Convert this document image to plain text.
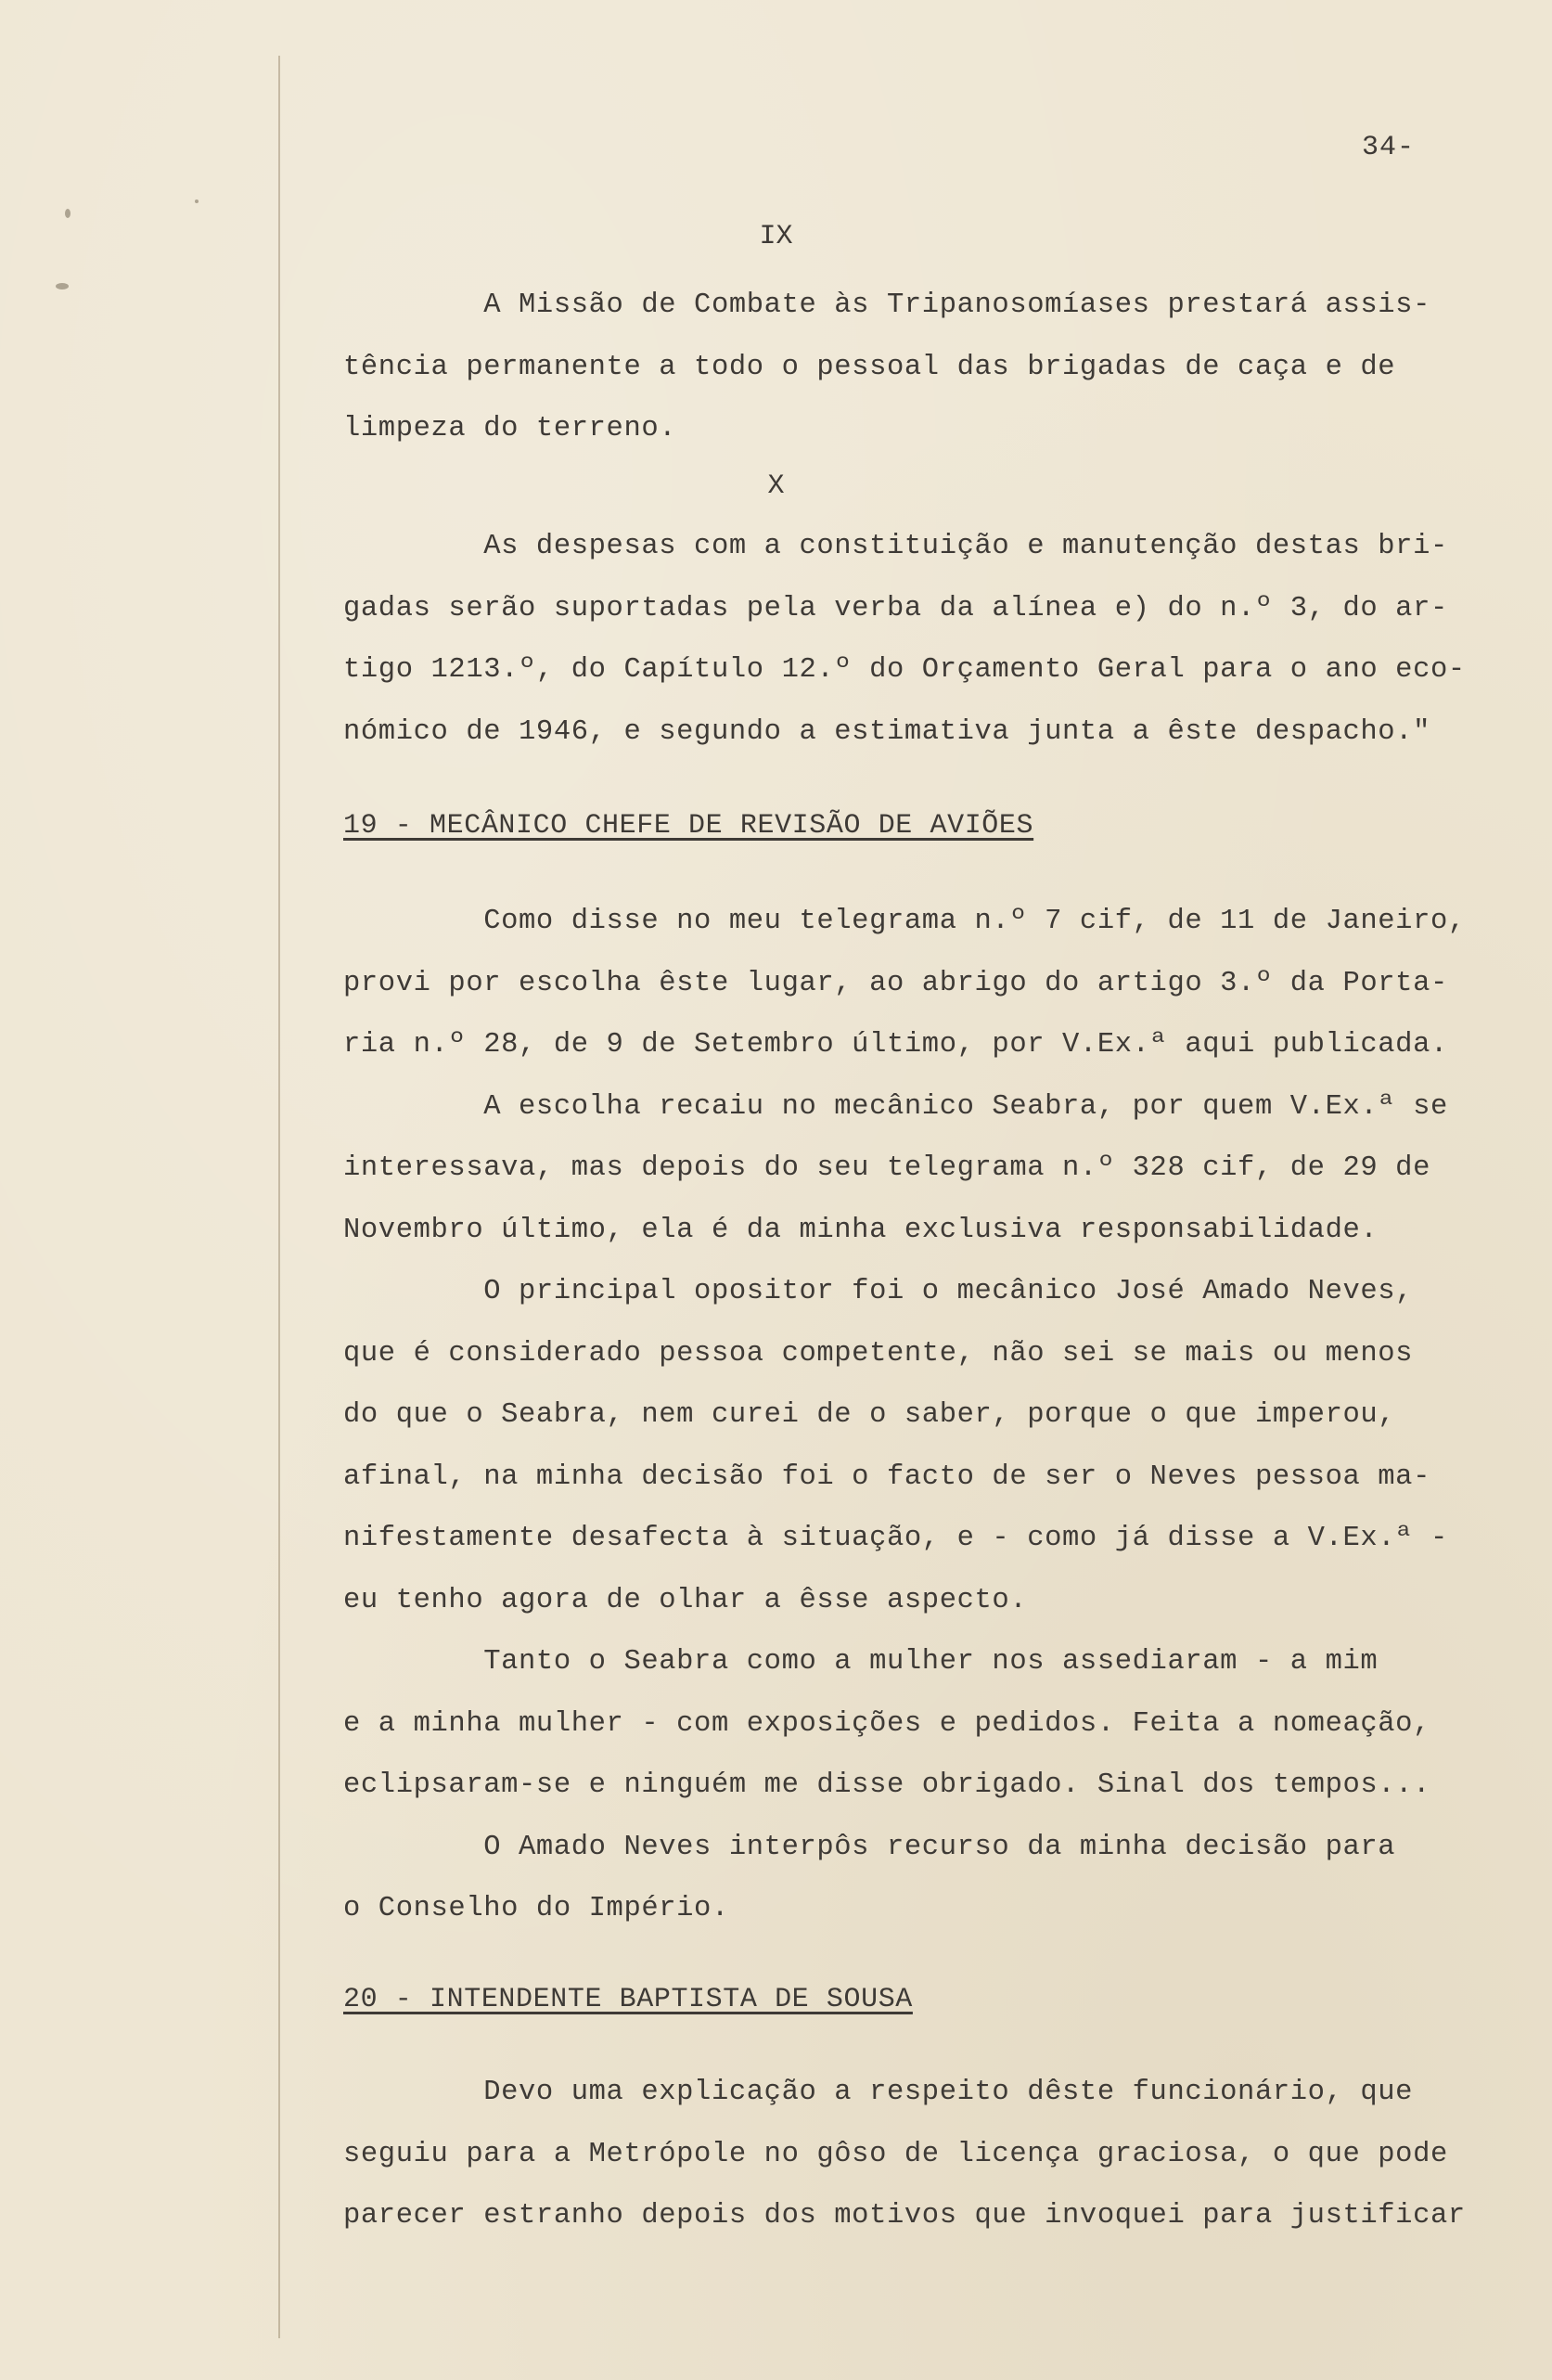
34-
IX
A Missão de Combate às Tripanosomíases prestará assis-
tência permanente a todo o pessoal das brigadas de caça e de
limpeza do terreno.
X
As despesas com a constituição e manutenção destas bri-
gadas serão suportadas pela verba da alínea e) do n.º 3, do ar-
tigo 1213.º, do Capítulo 12.º do Orçamento Geral para o ano eco-
nómico de 1946, e segundo a estimativa junta a êste despacho."
19 - MECÂNICO CHEFE DE REVISÃO DE AVIÕES
Como disse no meu telegrama n.º 7 cif, de 11 de Janeiro,
provi por escolha êste lugar, ao abrigo do artigo 3.º da Porta-
ria n.º 28, de 9 de Setembro último, por V.Ex.ª aqui publicada.
A escolha recaiu no mecânico Seabra, por quem V.Ex.ª se
interessava, mas depois do seu telegrama n.º 328 cif, de 29 de
Novembro último, ela é da minha exclusiva responsabilidade.
O principal opositor foi o mecânico José Amado Neves,
que é considerado pessoa competente, não sei se mais ou menos
do que o Seabra, nem curei de o saber, porque o que imperou,
afinal, na minha decisão foi o facto de ser o Neves pessoa ma-
nifestamente desafecta à situação, e - como já disse a V.Ex.ª -
eu tenho agora de olhar a êsse aspecto.
Tanto o Seabra como a mulher nos assediaram - a mim
e a minha mulher - com exposições e pedidos. Feita a nomeação,
eclipsaram-se e ninguém me disse obrigado. Sinal dos tempos...
O Amado Neves interpôs recurso da minha decisão para
o Conselho do Império.
20 - INTENDENTE BAPTISTA DE SOUSA
Devo uma explicação a respeito dêste funcionário, que
seguiu para a Metrópole no gôso de licença graciosa, o que pode
parecer estranho depois dos motivos que invoquei para justificar
